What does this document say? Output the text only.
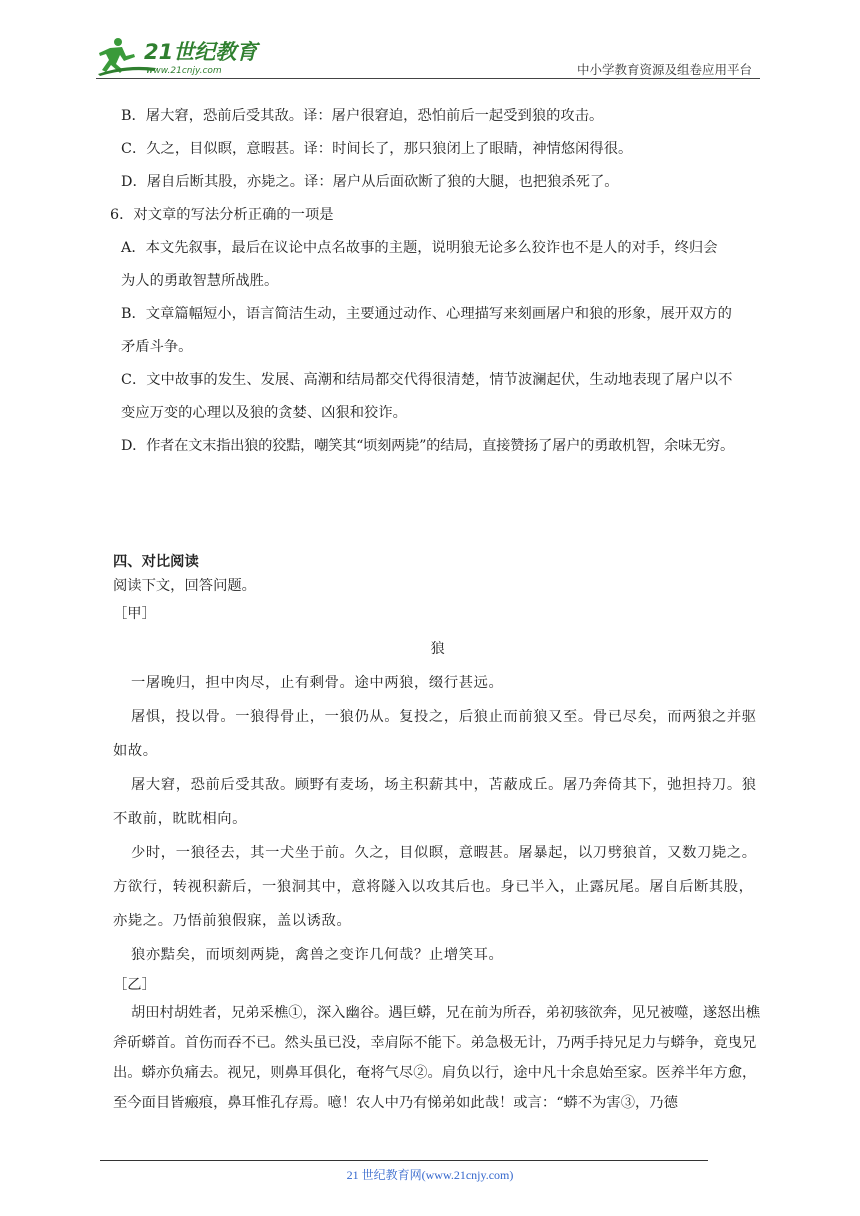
21世纪教育
www.21cnjy.com	中小学教育资源及组卷应用平台
B．屠大窘，恐前后受其敌。译：屠户很窘迫，恐怕前后一起受到狼的攻击。
C．久之，目似瞑，意暇甚。译：时间长了，那只狼闭上了眼睛，神情悠闲得很。
D．屠自后断其股，亦毙之。译：屠户从后面砍断了狼的大腿，也把狼杀死了。
6．对文章的写法分析正确的一项是
A．本文先叙事，最后在议论中点名故事的主题，说明狼无论多么狡诈也不是人的对手，终归会
为人的勇敢智慧所战胜。
B．文章篇幅短小，语言简洁生动，主要通过动作、心理描写来刻画屠户和狼的形象，展开双方的
矛盾斗争。
C．文中故事的发生、发展、高潮和结局都交代得很清楚，情节波澜起伏，生动地表现了屠户以不
变应万变的心理以及狼的贪婪、凶狠和狡诈。
D．作者在文末指出狼的狡黠，嘲笑其“顷刻两毙”的结局，直接赞扬了屠户的勇敢机智，余味无穷。
四、对比阅读
阅读下文，回答问题。
［甲］
狼
一屠晚归，担中肉尽，止有剩骨。途中两狼，缀行甚远。
屠惧，投以骨。一狼得骨止，一狼仍从。复投之，后狼止而前狼又至。骨已尽矣，而两狼之并驱如故。
屠大窘，恐前后受其敌。顾野有麦场，场主积薪其中，苫蔽成丘。屠乃奔倚其下，弛担持刀。狼不敢前，眈眈相向。
少时，一狼径去，其一犬坐于前。久之，目似瞑，意暇甚。屠暴起，以刀劈狼首，又数刀毙之。方欲行，转视积薪后，一狼洞其中，意将隧入以攻其后也。身已半入，止露尻尾。屠自后断其股，亦毙之。乃悟前狼假寐，盖以诱敌。
狼亦黠矣，而顷刻两毙，禽兽之变诈几何哉？止增笑耳。
［乙］
胡田村胡姓者，兄弟采樵①，深入幽谷。遇巨蟒，兄在前为所吞，弟初骇欲奔，见兄被噬，遂怒出樵斧斫蟒首。首伤而吞不已。然头虽已没，幸肩际不能下。弟急极无计，乃两手持兄足力与蟒争，竟曳兄出。蟒亦负痛去。视兄，则鼻耳俱化，奄将气尽②。肩负以行，途中凡十余息始至家。医养半年方愈，至今面目皆瘢痕，鼻耳惟孔存焉。噫！农人中乃有悌弟如此哉！或言：“蟒不为害③，乃德
21 世纪教育网(www.21cnjy.com)
